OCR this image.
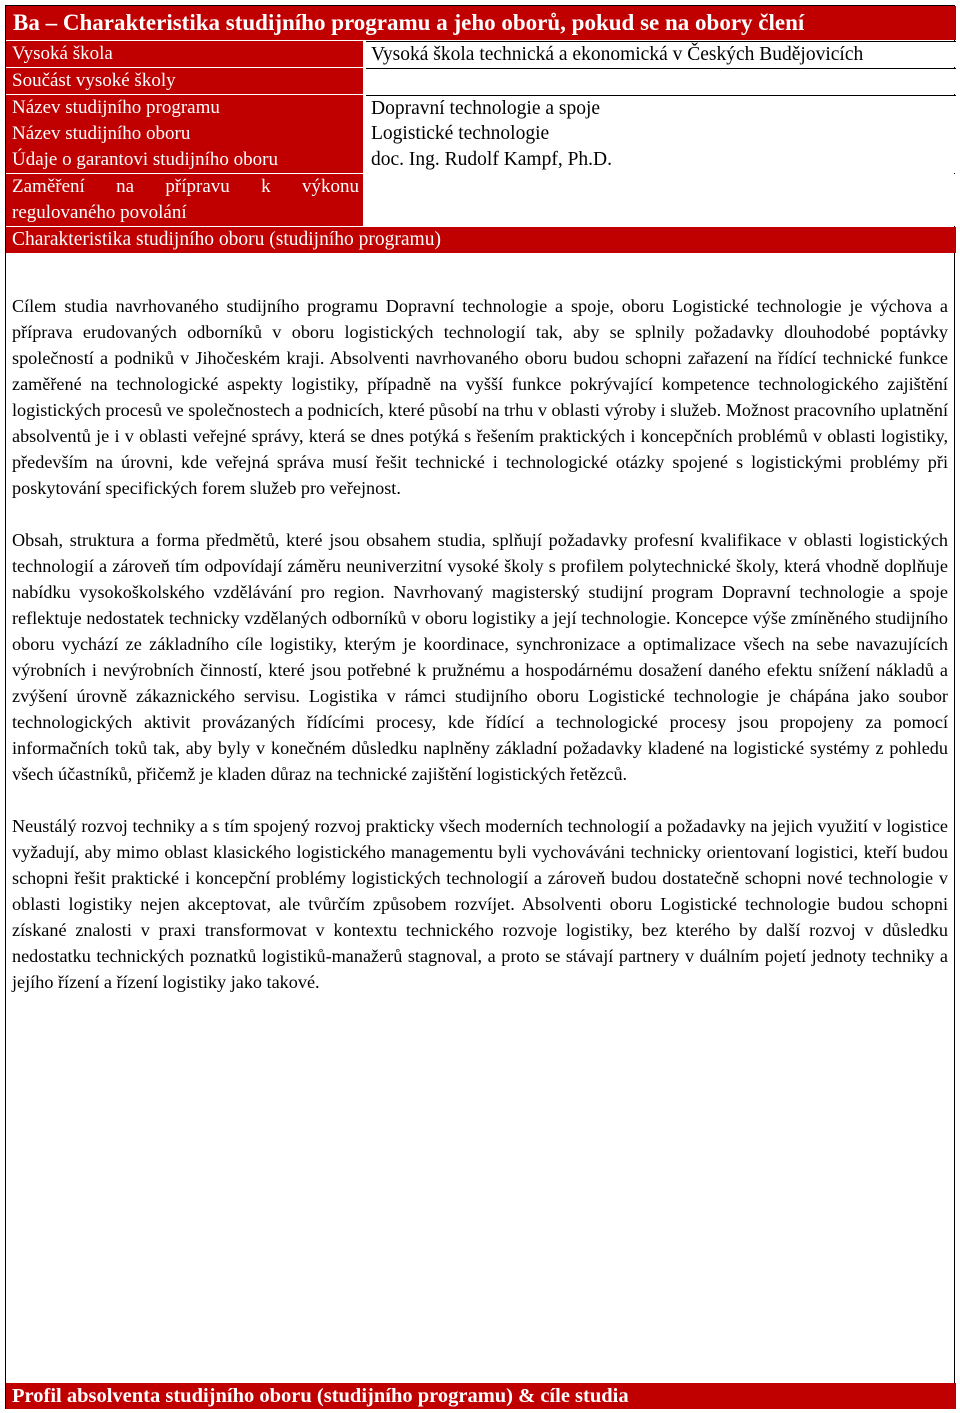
Ba – Charakteristika studijního programu a jeho oborů, pokud se na obory člení
Vysoká škola	Vysoká škola technická a ekonomická v Českých Budějovicích
Součást vysoké školy
Název studijního programu	Dopravní technologie a spoje
Název studijního oboru	Logistické technologie
Údaje o garantovi studijního oboru	doc. Ing. Rudolf Kampf, Ph.D.
Zaměření na přípravu k výkonu
regulovaného povolání
Charakteristika studijního oboru (studijního programu)

Cílem studia navrhovaného studijního programu Dopravní technologie a spoje, oboru Logistické technologie je výchova a příprava erudovaných odborníků v oboru logistických technologií tak, aby se splnily požadavky dlouhodobé poptávky společností a podniků v Jihočeském kraji. Absolventi navrhovaného oboru budou schopni zařazení na řídící technické funkce zaměřené na technologické aspekty logistiky, případně na vyšší funkce pokrývající kompetence technologického zajištění logistických procesů ve společnostech a podnicích, které působí na trhu v oblasti výroby i služeb. Možnost pracovního uplatnění absolventů je i v oblasti veřejné správy, která se dnes potýká s řešením praktických i koncepčních problémů v oblasti logistiky, především na úrovni, kde veřejná správa musí řešit technické i technologické otázky spojené s logistickými problémy při poskytování specifických forem služeb pro veřejnost.

Obsah, struktura a forma předmětů, které jsou obsahem studia, splňují požadavky profesní kvalifikace v oblasti logistických technologií a zároveň tím odpovídají záměru neuniverzitní vysoké školy s profilem polytechnické školy, která vhodně doplňuje nabídku vysokoškolského vzdělávání pro region. Navrhovaný magisterský studijní program Dopravní technologie a spoje reflektuje nedostatek technicky vzdělaných odborníků v oboru logistiky a její technologie. Koncepce výše zmíněného studijního oboru vychází ze základního cíle logistiky, kterým je koordinace, synchronizace a optimalizace všech na sebe navazujících výrobních i nevýrobních činností, které jsou potřebné k pružnému a hospodárnému dosažení daného efektu snížení nákladů a zvýšení úrovně zákaznického servisu. Logistika v rámci studijního oboru Logistické technologie je chápána jako soubor technologických aktivit provázaných řídícími procesy, kde řídící a technologické procesy jsou propojeny za pomocí informačních toků tak, aby byly v konečném důsledku naplněny základní požadavky kladené na logistické systémy z pohledu všech účastníků, přičemž je kladen důraz na technické zajištění logistických řetězců.

Neustálý rozvoj techniky a s tím spojený rozvoj prakticky všech moderních technologií a požadavky na jejich využití v logistice vyžadují, aby mimo oblast klasického logistického managementu byli vychováváni technicky orientovaní logistici, kteří budou schopni řešit praktické i koncepční problémy logistických technologií a zároveň budou dostatečně schopni nové technologie v oblasti logistiky nejen akceptovat, ale tvůrčím způsobem rozvíjet. Absolventi oboru Logistické technologie budou schopni získané znalosti v praxi transformovat v kontextu technického rozvoje logistiky, bez kterého by další rozvoj v důsledku nedostatku technických poznatků logistiků-manažerů stagnoval, a proto se stávají partnery v duálním pojetí jednoty techniky a jejího řízení a řízení logistiky jako takové.

Profil absolventa studijního oboru (studijního programu) & cíle studia
